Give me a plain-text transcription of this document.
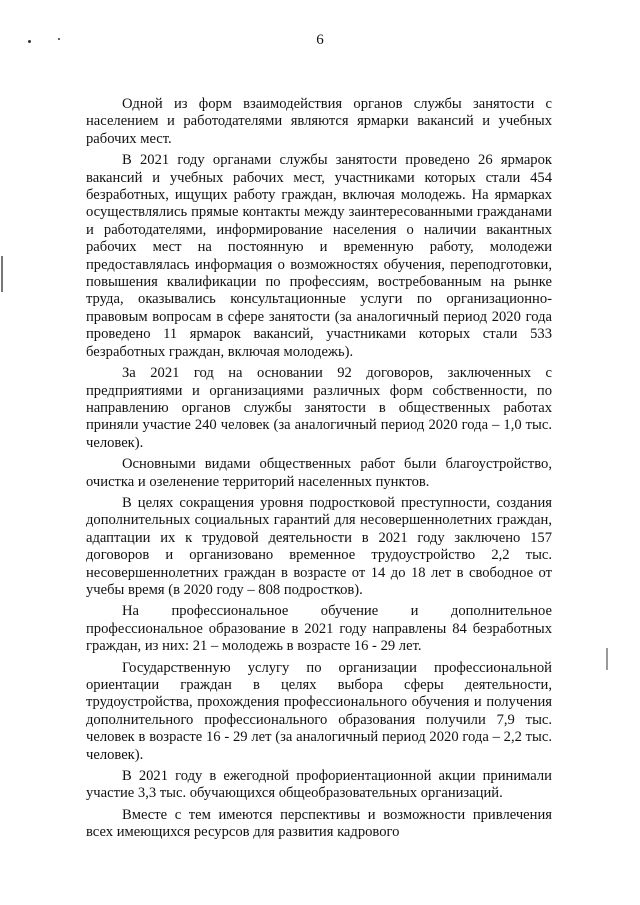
6

Одной из форм взаимодействия органов службы занятости с населением и работодателями являются ярмарки вакансий и учебных рабочих мест.

В 2021 году органами службы занятости проведено 26 ярмарок вакансий и учебных рабочих мест, участниками которых стали 454 безработных, ищущих работу граждан, включая молодежь. На ярмарках осуществлялись прямые контакты между заинтересованными гражданами и работодателями, информирование населения о наличии вакантных рабочих мест на постоянную и временную работу, молодежи предоставлялась информация о возможностях обучения, переподготовки, повышения квалификации по профессиям, востребованным на рынке труда, оказывались консультационные услуги по организационно-правовым вопросам в сфере занятости (за аналогичный период 2020 года проведено 11 ярмарок вакансий, участниками которых стали 533 безработных граждан, включая молодежь).

За 2021 год на основании 92 договоров, заключенных с предприятиями и организациями различных форм собственности, по направлению органов службы занятости в общественных работах приняли участие 240 человек (за аналогичный период 2020 года – 1,0 тыс. человек).

Основными видами общественных работ были благоустройство, очистка и озеленение территорий населенных пунктов.

В целях сокращения уровня подростковой преступности, создания дополнительных социальных гарантий для несовершеннолетних граждан, адаптации их к трудовой деятельности в 2021 году заключено 157 договоров и организовано временное трудоустройство 2,2 тыс. несовершеннолетних граждан в возрасте от 14 до 18 лет в свободное от учебы время (в 2020 году – 808 подростков).

На профессиональное обучение и дополнительное профессиональное образование в 2021 году направлены 84 безработных граждан, из них: 21 – молодежь в возрасте 16 - 29 лет.

Государственную услугу по организации профессиональной ориентации граждан в целях выбора сферы деятельности, трудоустройства, прохождения профессионального обучения и получения дополнительного профессионального образования получили 7,9 тыс. человек в возрасте 16 - 29 лет (за аналогичный период 2020 года – 2,2 тыс. человек).

В 2021 году в ежегодной профориентационной акции принимали участие 3,3 тыс. обучающихся общеобразовательных организаций.

Вместе с тем имеются перспективы и возможности привлечения всех имеющихся ресурсов для развития кадрового
